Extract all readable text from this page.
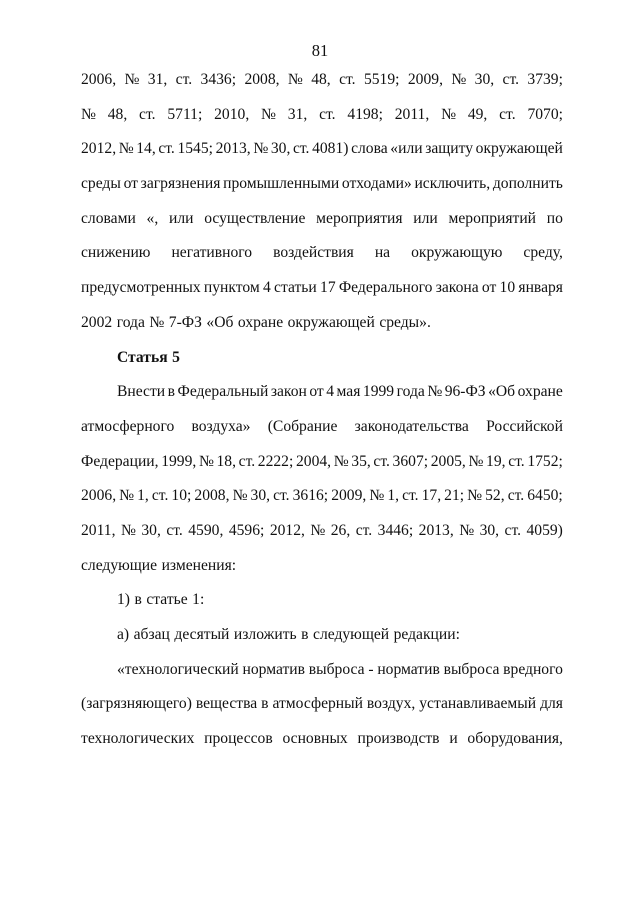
81
2006, № 31, ст. 3436; 2008, № 48, ст. 5519; 2009, № 30, ст. 3739;
№ 48, ст. 5711; 2010, № 31, ст. 4198; 2011, № 49, ст. 7070;
2012, № 14, ст. 1545; 2013, № 30, ст. 4081) слова «или защиту окружающей
среды от загрязнения промышленными отходами» исключить, дополнить
словами «, или осуществление мероприятия или мероприятий по
снижению негативного воздействия на окружающую среду,
предусмотренных пунктом 4 статьи 17 Федерального закона от 10 января
2002 года № 7-ФЗ «Об охране окружающей среды».
Статья 5
Внести в Федеральный закон от 4 мая 1999 года № 96-ФЗ «Об охране
атмосферного воздуха» (Собрание законодательства Российской
Федерации, 1999, № 18, ст. 2222; 2004, № 35, ст. 3607; 2005, № 19, ст. 1752;
2006, № 1, ст. 10; 2008, № 30, ст. 3616; 2009, № 1, ст. 17, 21; № 52, ст. 6450;
2011, № 30, ст. 4590, 4596; 2012, № 26, ст. 3446; 2013, № 30, ст. 4059)
следующие изменения:
1) в статье 1:
а) абзац десятый изложить в следующей редакции:
«технологический норматив выброса - норматив выброса вредного
(загрязняющего) вещества в атмосферный воздух, устанавливаемый для
технологических процессов основных производств и оборудования,
